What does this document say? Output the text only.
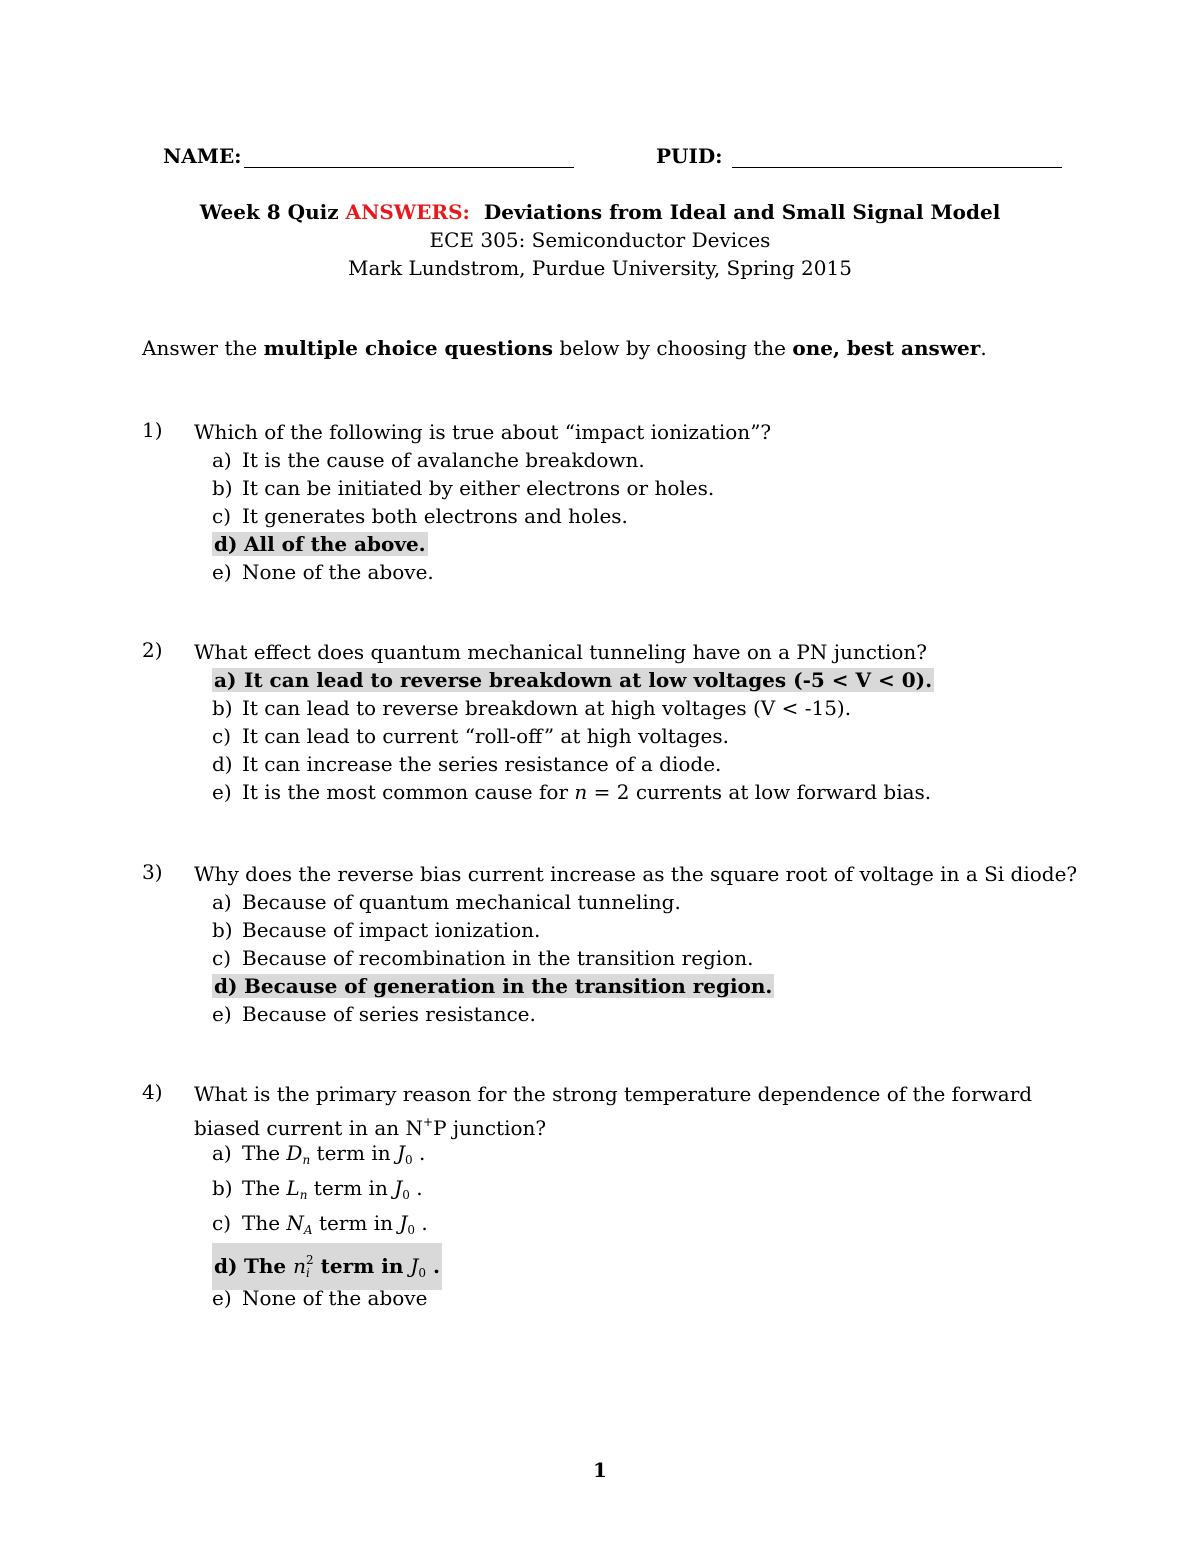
NAME:	PUID:
Week 8 Quiz ANSWERS:  Deviations from Ideal and Small Signal Model
ECE 305: Semiconductor Devices
Mark Lundstrom, Purdue University, Spring 2015
Answer the multiple choice questions below by choosing the one, best answer.
1) Which of the following is true about “impact ionization”?
a) It is the cause of avalanche breakdown.
b) It can be initiated by either electrons or holes.
c) It generates both electrons and holes.
d) All of the above.
e) None of the above.
2) What effect does quantum mechanical tunneling have on a PN junction?
a) It can lead to reverse breakdown at low voltages (-5 < V < 0).
b) It can lead to reverse breakdown at high voltages (V < -15).
c) It can lead to current “roll-off” at high voltages.
d) It can increase the series resistance of a diode.
e) It is the most common cause for n = 2 currents at low forward bias.
3) Why does the reverse bias current increase as the square root of voltage in a Si diode?
a) Because of quantum mechanical tunneling.
b) Because of impact ionization.
c) Because of recombination in the transition region.
d) Because of generation in the transition region.
e) Because of series resistance.
4) What is the primary reason for the strong temperature dependence of the forward biased current in an N+P junction?
a) The $D_n$ term in $J_0$ .
b) The $L_n$ term in $J_0$ .
c) The $N_A$ term in $J_0$ .
d) The $ni^2$ term in $J_0$ .
e) None of the above
1
